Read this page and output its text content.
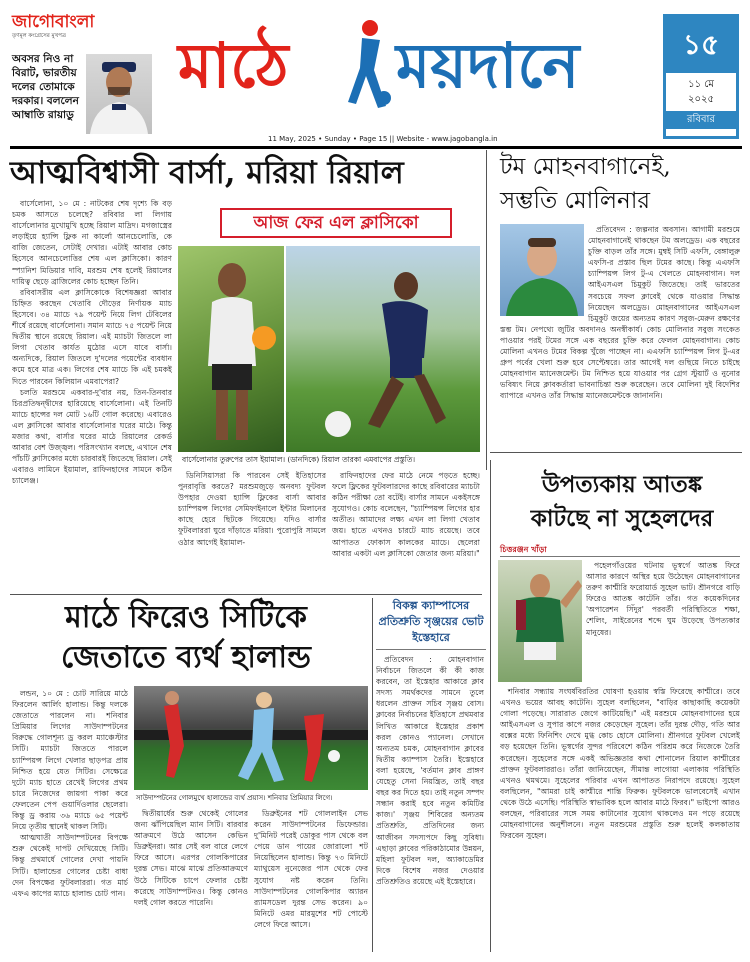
জাগোবাংলা
তৃণমূল কংগ্রেসের মুখপত্র
অবসর নিও না বিরাট, ভারতীয় দলের তোমাকে দরকার। বললেন আম্বাতি রায়াডু
মাঠে ময়দানে
11 May, 2025 • Sunday • Page 15 || Website - www.jagobangla.in
১৫
১১ মে
২০২৫
রবিবার
আত্মবিশ্বাসী বার্সা, মরিয়া রিয়াল

বার্সেলোনা, ১০ মে : নাটকের শেষ দৃশ্যে কি বড় চমক আসতে চলেছে? রবিবার লা লিগায় বার্সেলোনার মুখোমুখি হচ্ছে রিয়াল মাদ্রিদ। মগজাস্ত্রের লড়াইয়ে হ্যান্সি ফ্লিক না কার্লো আনচেলোত্তি, কে বাজি জেতেন, সেটাই দেখার। এটাই আবার কোচ হিসেবে আনচেলোত্তির শেষ এল ক্লাসিকো। কারণ স্প্যানিশ মিডিয়ার দাবি, মরশুম শেষ হলেই রিয়ালের দায়িত্ব ছেড়ে ব্রাজিলের কোচ হচ্ছেন তিনি।

রবিবাসরীয় এল ক্লাসিকোকে বিশেষজ্ঞরা আবার চিহ্নিত করছেন খেতাবি দৌড়ের নির্ণায়ক ম্যাচ হিসেবে। ৩৪ ম্যাচে ৭৯ পয়েন্ট নিয়ে লিগ টেবিলের শীর্ষে রয়েছে বার্সেলোনা। সমান ম্যাচে ৭৫ পয়েন্ট নিয়ে দ্বিতীয় স্থানে রয়েছে রিয়াল। এই ম্যাচটা জিতলে লা লিগা খেতাব কার্যত মুঠোর এসে যাবে বার্সা। অন্যদিকে, রিয়াল জিতলে দু'দলের পয়েন্টের ব্যবধান কমে হবে মাত্র এক। লিগের শেষ ম্যাচে কি এই চমকই দিতে পারবেন কিলিয়ান এমবাপেরা?

চলতি মরশুমে একবার-দু'বার নয়, তিন-তিনবার চিরপ্রতিদ্বন্দ্বীদের হারিয়েছে বার্সেলোনা। এই তিনটি ম্যাচে হান্সের দল মোট ১৬টি গোল করেছে। এবারেও এল ক্লাসিকো আবার বার্সেলোনার ঘরের মাঠে। কিন্তু মজার কথা, বার্সার ঘরের মাঠে রিয়ালের রেকর্ড আবার বেশ উজ্জ্বল। পরিসংখ্যান বলছে, এখানে শেষ পাঁচটি ক্লাসিকোর মধ্যে চারবারই জিতেছে রিয়াল। সেই এবারও লামিনে ইয়ামাল, রাফিনহাদের সামনে কঠিন চ্যালেঞ্জ।

আজ ফের এল ক্লাসিকো
বার্সেলোনার তুরুপের তাস ইয়ামাল। (ডানদিকে) রিয়াল তারকা এমবাপের প্রস্তুতি।

ডিনিসিয়াসরা কি পারবেন সেই ইতিহাসের পুনরাবৃত্তি করতে? মরশুমজুড়ে অনবদ্য ফুটবল উপহার দেওয়া হ্যান্সি ফ্লিকের বার্সা আবার চ্যাম্পিয়ন্স লিগের সেমিফাইনালে ইন্টার মিলানের কাছে হেরে ছিটকে গিয়েছে। যদিও বার্সার ফুটবলাররা ঘুরে দাঁড়াতে মরিয়া। পুরোপুরি সামলে ওঠার আগেই ইয়ামাল-

রাফিনহাদের ফের মাঠে নেমে পড়তে হচ্ছে। ফলে ফ্লিকের ফুটবলারদের কাছে রবিবারের ম্যাচটা কঠিন পরীক্ষা তো বটেই। বার্সার সামনে একইসঙ্গে সুযোগও। কোচ বলেছেন, "চ্যাম্পিয়ন্স লিগের হার অতীত। আমাদের লক্ষ্য এখন লা লিগা খেতাব জয়। হাতে এখনও চারটে ম্যাচ রয়েছে। তবে আপাতত ফোকাস কালকের ম্যাচে। ছেলেরা আবার একটা এল ক্লাসিকো জেতার জন্য মরিয়া।"

টম মোহনবাগানেই,
সম্ভতি মোলিনার

প্রতিবেদন : জল্পনার অবসান। আগামী মরশুমে মোহনবাগানেই থাকছেন টম অলড্রেড। এক বছরের চুক্তি বাড়ল তাঁর সঙ্গে। মুম্বই সিটি এফসি, বেঙ্গালুরু এফসি-র প্রস্তাব ছিল টমের কাছে। কিন্তু এএফসি চ্যাম্পিয়ন্স লিগ টু-এ খেলতে মোহনবাগান। দল আইএসএল চিমুকুট জিতেছে। তাই ভারতের সবচেয়ে সফল ক্লাবেই থেকে যাওয়ার সিদ্ধান্ত নিয়েছেন অলড্রেড। মোহনবাগানের আইএসএল চিমুকুট জয়ের অন্যতম কারণ সবুজ-মেরুন রক্ষণের স্তম্ভ টম। নেপথ্যে জুটির অবদানও অনস্বীকার্য। কোচ মোলিনার সবুজ সংকেত পাওয়ার পরই টমের সঙ্গে এক বছরের চুক্তি করে ফেলল মোহনবাগান। কোচ মোলিনা এখনও টমের বিকল্প খুঁজে পাচ্ছেন না। এএফসি চ্যাম্পিয়ন্স লিগ টু-এর গ্রুপ পর্বের খেলা শুরু হবে সেপ্টেম্বরে। তার আগেই দল গুছিয়ে নিতে চাইছে মোহনবাগান ম্যানেজমেন্ট। টম নিশ্চিত হয়ে যাওয়ার পর গ্রেগ স্টুয়ার্ট ও নুনোর ভবিষ্যৎ নিয়ে ক্লাবকর্তারা ভাবনাচিন্তা শুরু করেছেন। তবে মোলিনা দুই বিদেশির ব্যাপারে এখনও তাঁর সিদ্ধান্ত ম্যানেজমেন্টকে জানাননি।

উপত্যকায় আতঙ্ক
কাটছে না সুহেলদের
চিত্তরঞ্জন খাঁড়া

পহেলগাঁওয়ের ঘটনায় ভূস্বর্গে আতঙ্ক ফিরে আসার কারণে অস্থির হয়ে উঠেছেন মোহনবাগানের তরুণ কাশ্মীরি ফরোয়ার্ড সুহেল ভাট। শ্রীনগরে বাড়ি ফিরেও আতঙ্ক কাটেনি তাঁর। গত কয়েকদিনের 'অপারেশন সিঁদুর' পরবর্তী পরিস্থিতিতে শক্ষা, শেলিং, সাইরেনের শব্দে ঘুম উড়েছে উপত্যকার মানুষের।

শনিবার সন্ধ্যায় সংঘর্ষবিরতির ঘোষণা হওয়ায় স্বস্তি ফিরেছে কাশ্মীরে। তবে এখনও ভয়ের আবহ কাটেনি। সুহেল বলছিলেন, "বাড়ির কাছাকাছি কয়েকটা গোলা পড়েছে। সারারাত জেগে কাটিয়েছি।" এই মরশুমে মোহনবাগানের হয়ে আইএসএল ও সুপার কাপে নজর কেড়েছেন সুহেল। তাঁর দুরন্ত দৌড়, গতি আর বক্সের মধ্যে ফিনিশিং দেখে মুগ্ধ কোচ হোসে মোলিনা। শ্রীনগরে ফুটবল খেলেই বড় হয়েছেন তিনি। ভূস্বর্গের সুন্দর পরিবেশে কঠিন পরিশ্রম করে নিজেকে তৈরি করেছেন। সুহেলের সঙ্গে একই অভিজ্ঞতার কথা শোনালেন রিয়াল কাশ্মীরের প্রাক্তন ফুটবলাররাও। তাঁরা জানিয়েছেন, সীমান্ত লাগোয়া এলাকায় পরিস্থিতি এখনও থমথমে। সুহেলের পরিবার এখন আপাতত নিরাপদে রয়েছে। সুহেল বলছিলেন, "আমরা চাই কাশ্মীরে শান্তি ফিরুক। ফুটবলকে ভালবেসেই এখান থেকে উঠে এসেছি। পরিস্থিতি স্বাভাবিক হলে আবার মাঠে ফিরব।" ভাইপো আরও বলছেন, পরিবারের সঙ্গে সময় কাটানোর সুযোগ থাকলেও মন পড়ে রয়েছে মোহনবাগানের অনুশীলনে। নতুন মরশুমের প্রস্তুতি শুরু হলেই কলকাতায় ফিরবেন সুহেল।

মাঠে ফিরেও সিটিকে
জেতাতে ব্যর্থ হালান্ড

লন্ডন, ১০ মে : চোট সারিয়ে মাঠে ফিরলেন আর্লিং হালান্ড। কিন্তু দলকে জেতাতে পারলেন না। শনিবার প্রিমিয়ার লিগের সাউদাম্পটনের বিরুদ্ধে গোলশূন্য ড্র করল ম্যাঞ্চেস্টার সিটি। ম্যাচটা জিততে পারলে চ্যাম্পিয়ন্স লিগে খেলার ছাড়পত্র প্রায় নিশ্চিত হয়ে যেত সিটির। সেক্ষেত্রে দুটো ম্যাচ হাতে রেখেই লিগের প্রথম চারে নিজেদের জায়গা পাকা করে ফেলতেন পেপ গুয়ার্দিওলার ছেলেরা। কিন্তু ড্র করায় ৩৬ ম্যাচে ৬৫ পয়েন্ট নিয়ে তৃতীয় স্থানেই থাকল সিটি।

আত্মঘাতী সাউদাম্পটনের বিপক্ষে শুরু থেকেই দাপট দেখিয়েছে সিটি। কিন্তু প্রথমার্ধে গোলের দেখা পায়নি সিটি। হালান্ডের গোলের চেষ্টা বাধা দেন বিপক্ষের ফুটবলাররা। গত মার্চ এফএ কাপের ম্যাচে হালান্ড চোট পান।

সাউদাম্পটনের গোলমুখে হালান্ডের ব্যর্থ প্রয়াস। শনিবার প্রিমিয়ার লিগে।

দ্বিতীয়ার্ধের শুরু থেকেই গোলের জন্য ঝাঁপিয়েছিল ম্যান সিটি। বারবার আক্রমণে উঠে আসেন কেভিন ডিব্রুইনরা। আর সেই বল বারে লেগে ফিরে আসে। এরপর গোলকিপারের দুরন্ত সেভ। মাঝে মাঝে প্রতিআক্রমণে উঠে সিটিকে চাপে ফেলার চেষ্টা করেছে সাউদাম্পটনও। কিন্তু কোনও দলই গোল করতে পারেনি।

ডিব্রুইনের শট গোললাইন সেভ করেন সাউদাম্পটনের ডিফেন্ডার। দু'মিনিট পরেই ডোকুর পাস থেকে বল পেয়ে ডান পায়ের জোরালো শট নিয়েছিলেন হালান্ড। কিন্তু ৭৩ মিনিটে ম্যাথুয়েস নুনেজের পাস থেকে ফের সুযোগ নষ্ট করেন তিনি। সাউদাম্পটনের গোলকিপার অ্যারন র‍্যামসডেল দুরন্ত সেভ করেন। ৯০ মিনিটে ওমর মারমুশের শট পোস্টে লেগে ফিরে আসে।

বিকল্প ক্যাম্পাসের প্রতিশ্রুতি সৃঞ্জয়ের ভোট ইস্তেহারে

প্রতিবেদন : মোহনবাগান নির্বাচনে জিতলে কী কী কাজ করবেন, তা ইস্তেহার আকারে ক্লাব সদস্য সমর্থকদের সামনে তুলে ধরলেন প্রাক্তন সচিব সৃঞ্জয় বোস। ক্লাবের নির্বাচনের ইতিহাসে প্রথমবার লিখিত আকারে ইস্তেহার প্রকাশ করল কোনও প্যানেল। সেখানে অন্যতম চমক, মোহনবাগান ক্লাবের দ্বিতীয় ক্যাম্পাস তৈরি। ইস্তেহারে বলা হয়েছে, 'বর্তমান ক্লাব প্রাঙ্গণ যেহেতু সেনা নিয়ন্ত্রিত, তাই বছর বছর কর দিতে হয়। তাই নতুন সম্পদ সন্ধান করাই হবে নতুন কমিটির কাজ।' সৃঞ্জয় শিবিরের অন্যতম প্রতিশ্রুতি, প্রতিদিনের জন্য আজীবন সদস্যপদে কিছু সুবিধা। এছাড়া ক্লাবের পরিকাঠামোর উন্নয়ন, মহিলা ফুটবল দল, অ্যাকাডেমির দিকে বিশেষ নজর দেওয়ার প্রতিশ্রুতিও রয়েছে এই ইস্তেহারে।
